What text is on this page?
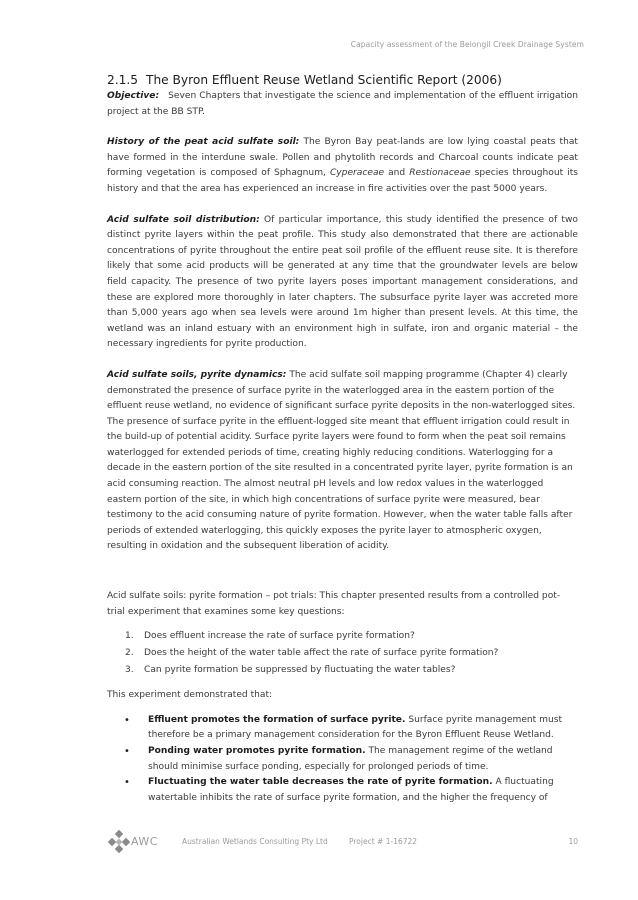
Capacity assessment of the Belongil Creek Drainage System
2.1.5 The Byron Effluent Reuse Wetland Scientific Report (2006)

Objective: Seven Chapters that investigate the science and implementation of the effluent irrigation project at the BB STP.

History of the peat acid sulfate soil: The Byron Bay peat-lands are low lying coastal peats that have formed in the interdune swale. Pollen and phytolith records and Charcoal counts indicate peat forming vegetation is composed of Sphagnum, Cyperaceae and Restionaceae species throughout its history and that the area has experienced an increase in fire activities over the past 5000 years.

Acid sulfate soil distribution: Of particular importance, this study identified the presence of two distinct pyrite layers within the peat profile. This study also demonstrated that there are actionable concentrations of pyrite throughout the entire peat soil profile of the effluent reuse site. It is therefore likely that some acid products will be generated at any time that the groundwater levels are below field capacity. The presence of two pyrite layers poses important management considerations, and these are explored more thoroughly in later chapters. The subsurface pyrite layer was accreted more than 5,000 years ago when sea levels were around 1m higher than present levels. At this time, the wetland was an inland estuary with an environment high in sulfate, iron and organic material – the necessary ingredients for pyrite production.

Acid sulfate soils, pyrite dynamics: The acid sulfate soil mapping programme (Chapter 4) clearly demonstrated the presence of surface pyrite in the waterlogged area in the eastern portion of the effluent reuse wetland, no evidence of significant surface pyrite deposits in the non-waterlogged sites. The presence of surface pyrite in the effluent-logged site meant that effluent irrigation could result in the build-up of potential acidity. Surface pyrite layers were found to form when the peat soil remains waterlogged for extended periods of time, creating highly reducing conditions. Waterlogging for a decade in the eastern portion of the site resulted in a concentrated pyrite layer, pyrite formation is an acid consuming reaction. The almost neutral pH levels and low redox values in the waterlogged eastern portion of the site, in which high concentrations of surface pyrite were measured, bear testimony to the acid consuming nature of pyrite formation. However, when the water table falls after periods of extended waterlogging, this quickly exposes the pyrite layer to atmospheric oxygen, resulting in oxidation and the subsequent liberation of acidity.

Acid sulfate soils: pyrite formation – pot trials: This chapter presented results from a controlled pot-trial experiment that examines some key questions:

1.	Does effluent increase the rate of surface pyrite formation?
2.	Does the height of the water table affect the rate of surface pyrite formation?
3.	Can pyrite formation be suppressed by fluctuating the water tables?

This experiment demonstrated that:

•	Effluent promotes the formation of surface pyrite. Surface pyrite management must therefore be a primary management consideration for the Byron Effluent Reuse Wetland.
•	Ponding water promotes pyrite formation. The management regime of the wetland should minimise surface ponding, especially for prolonged periods of time.
•	Fluctuating the water table decreases the rate of pyrite formation. A fluctuating watertable inhibits the rate of surface pyrite formation, and the higher the frequency of
AWC	Australian Wetlands Consulting Pty Ltd	Project # 1-16722	10
